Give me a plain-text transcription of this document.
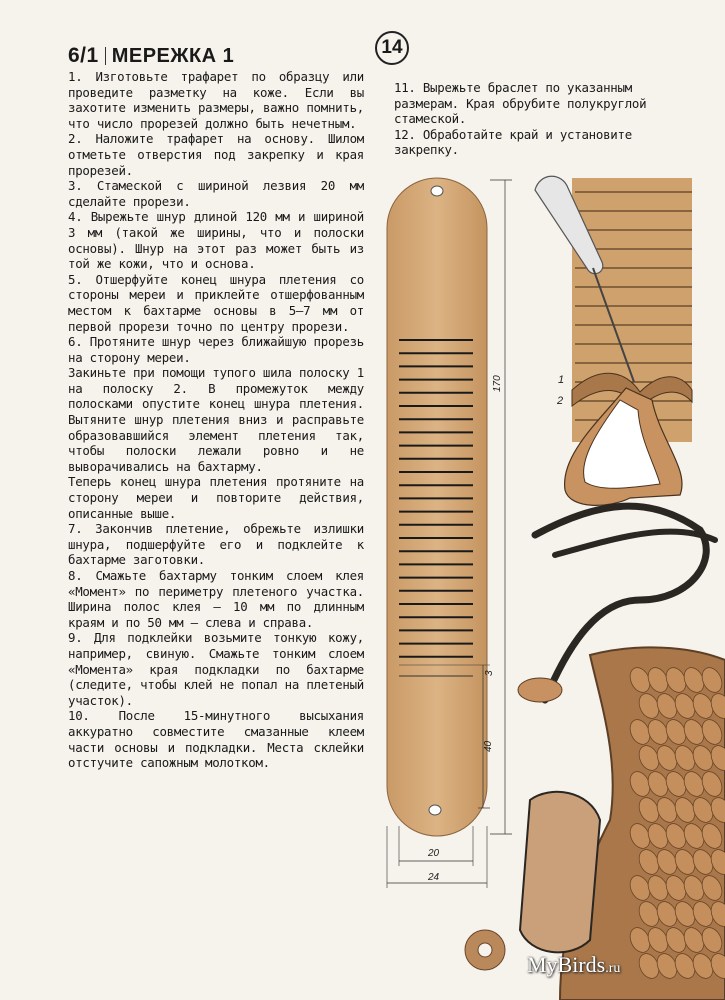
6/1 МЕРЕЖКА 1	14

1. Изготовьте трафарет по образцу или проведите разметку на коже. Если вы захотите изменить размеры, важно помнить, что число прорезей должно быть нечетным.

2. Наложите трафарет на основу. Шилом отметьте отверстия под закрепку и края прорезей.

3. Стамеской с шириной лезвия 20 мм сделайте прорези.

4. Вырежьте шнур длиной 120 мм и шириной 3 мм (такой же ширины, что и полоски основы). Шнур на этот раз может быть из той же кожи, что и основа.

5. Отшерфуйте конец шнура плетения со стороны мереи и приклейте отшерфованным местом к бахтарме основы в 5–7 мм от первой прорези точно по центру прорези.

6. Протяните шнур через ближайшую прорезь на сторону мереи.

Закиньте при помощи тупого шила полоску 1 на полоску 2. В промежуток между полосками опустите конец шнура плетения. Вытяните шнур плетения вниз и расправьте образовавшийся элемент плетения так, чтобы полоски лежали ровно и не выворачивались на бахтарму.

Теперь конец шнура плетения протяните на сторону мереи и повторите действия, описанные выше.

7. Закончив плетение, обрежьте излишки шнура, подшерфуйте его и подклейте к бахтарме заготовки.

8. Смажьте бахтарму тонким слоем клея «Момент» по периметру плетеного участка. Ширина полос клея – 10 мм по длинным краям и по 50 мм – слева и справа.

9. Для подклейки возьмите тонкую кожу, например, свиную. Смажьте тонким слоем «Момента» края подкладки по бахтарме (следите, чтобы клей не попал на плетеный участок).

10. После 15-минутного высыхания аккуратно совместите смазанные клеем части основы и подкладки. Места склейки отстучите сапожным молотком.

11. Вырежьте браслет по указанным размерам. Края обрубите полукруглой стамеской.

12. Обработайте край и установите закрепку.

170
3
40
20
24
1
2
MyBirds.ru
